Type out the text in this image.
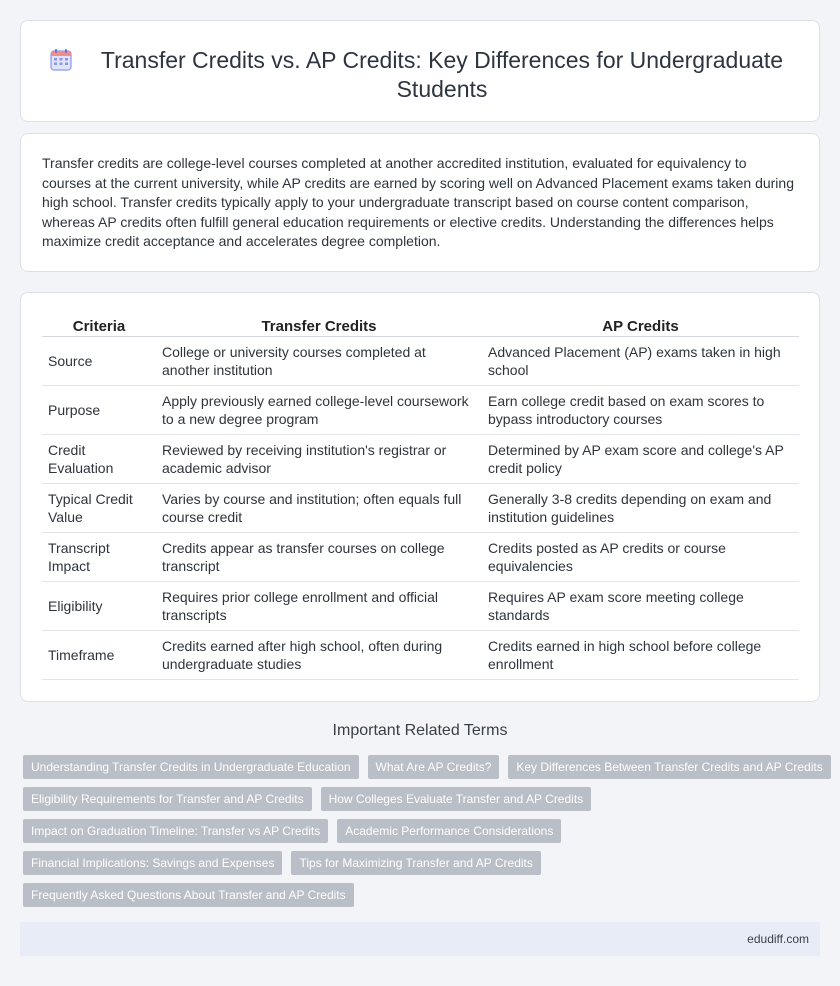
Transfer Credits vs. AP Credits: Key Differences for Undergraduate Students

Transfer credits are college-level courses completed at another accredited institution, evaluated for equivalency to courses at the current university, while AP credits are earned by scoring well on Advanced Placement exams taken during high school. Transfer credits typically apply to your undergraduate transcript based on course content comparison, whereas AP credits often fulfill general education requirements or elective credits. Understanding the differences helps maximize credit acceptance and accelerates degree completion.

Criteria	Transfer Credits	AP Credits
Source	College or university courses completed at another institution	Advanced Placement (AP) exams taken in high school
Purpose	Apply previously earned college-level coursework to a new degree program	Earn college credit based on exam scores to bypass introductory courses
Credit Evaluation	Reviewed by receiving institution's registrar or academic advisor	Determined by AP exam score and college's AP credit policy
Typical Credit Value	Varies by course and institution; often equals full course credit	Generally 3-8 credits depending on exam and institution guidelines
Transcript Impact	Credits appear as transfer courses on college transcript	Credits posted as AP credits or course equivalencies
Eligibility	Requires prior college enrollment and official transcripts	Requires AP exam score meeting college standards
Timeframe	Credits earned after high school, often during undergraduate studies	Credits earned in high school before college enrollment
Important Related Terms
Understanding Transfer Credits in Undergraduate Education	What Are AP Credits?	Key Differences Between Transfer Credits and AP Credits
Eligibility Requirements for Transfer and AP Credits	How Colleges Evaluate Transfer and AP Credits
Impact on Graduation Timeline: Transfer vs AP Credits	Academic Performance Considerations
Financial Implications: Savings and Expenses	Tips for Maximizing Transfer and AP Credits
Frequently Asked Questions About Transfer and AP Credits
edudiff.com
